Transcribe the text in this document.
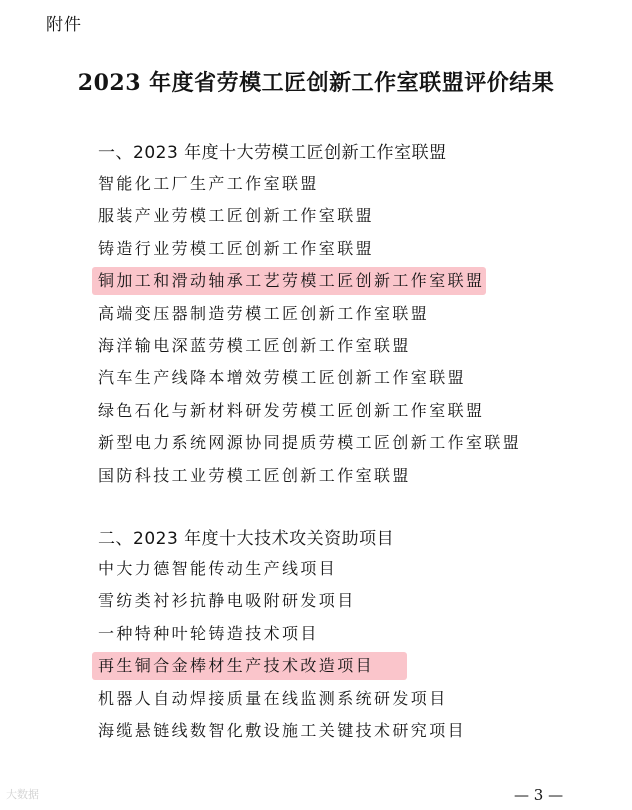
附件
2023 年度省劳模工匠创新工作室联盟评价结果
一、2023 年度十大劳模工匠创新工作室联盟
智能化工厂生产工作室联盟
服装产业劳模工匠创新工作室联盟
铸造行业劳模工匠创新工作室联盟
铜加工和滑动轴承工艺劳模工匠创新工作室联盟
高端变压器制造劳模工匠创新工作室联盟
海洋输电深蓝劳模工匠创新工作室联盟
汽车生产线降本增效劳模工匠创新工作室联盟
绿色石化与新材料研发劳模工匠创新工作室联盟
新型电力系统网源协同提质劳模工匠创新工作室联盟
国防科技工业劳模工匠创新工作室联盟
二、2023 年度十大技术攻关资助项目
中大力德智能传动生产线项目
雪纺类衬衫抗静电吸附研发项目
一种特种叶轮铸造技术项目
再生铜合金棒材生产技术改造项目
机器人自动焊接质量在线监测系统研发项目
海缆悬链线数智化敷设施工关键技术研究项目
大数据	— 3 —
